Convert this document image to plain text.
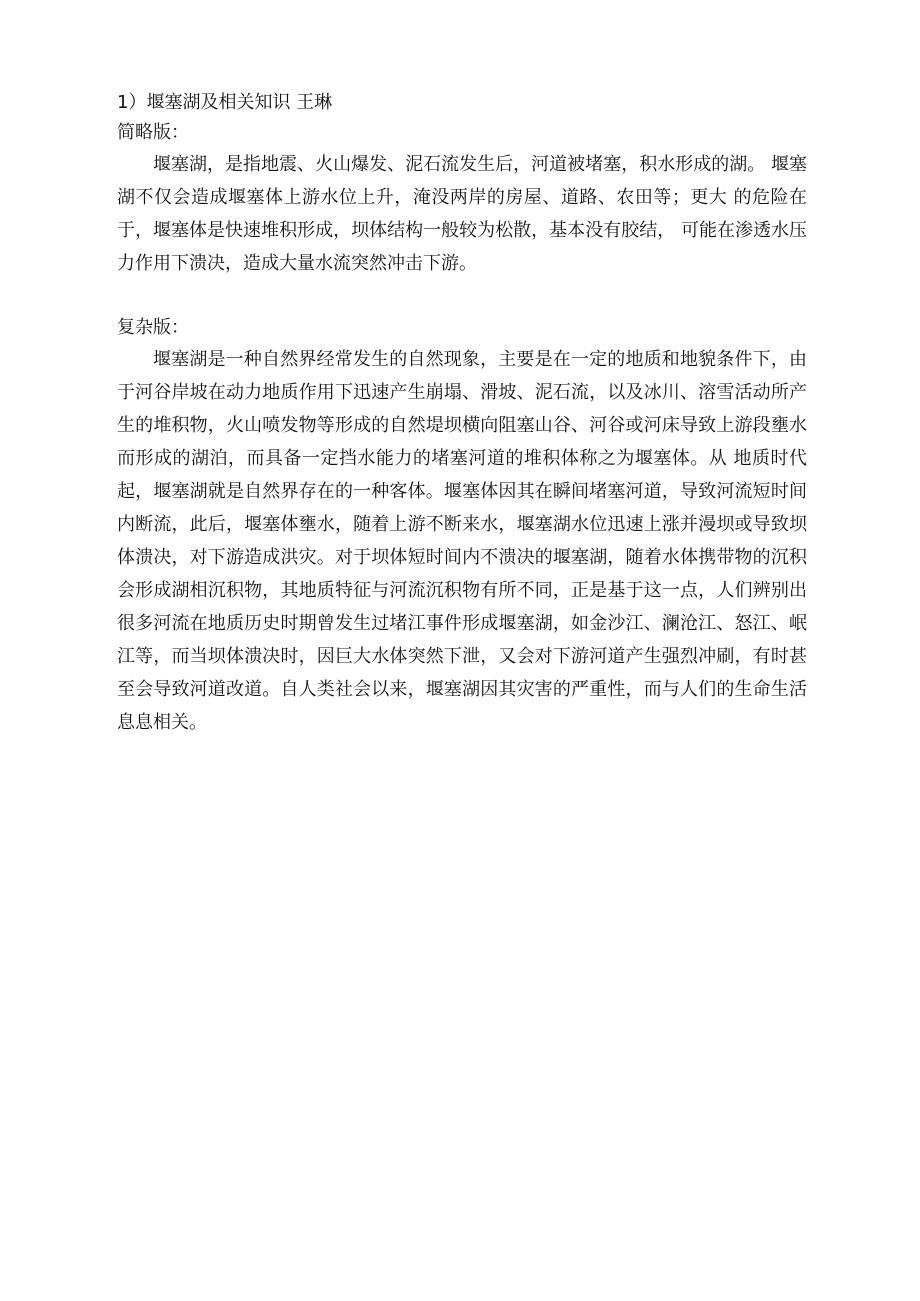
1）堰塞湖及相关知识 王琳

简略版：

堰塞湖，是指地震、火山爆发、泥石流发生后，河道被堵塞，积水形成的湖。 堰塞湖不仅会造成堰塞体上游水位上升，淹没两岸的房屋、道路、农田等；更大 的危险在于，堰塞体是快速堆积形成，坝体结构一般较为松散，基本没有胶结， 可能在渗透水压力作用下溃决，造成大量水流突然冲击下游。

复杂版：

堰塞湖是一种自然界经常发生的自然现象，主要是在一定的地质和地貌条件下，由于河谷岸坡在动力地质作用下迅速产生崩塌、滑坡、泥石流，以及冰川、溶雪活动所产生的堆积物，火山喷发物等形成的自然堤坝横向阻塞山谷、河谷或河床导致上游段壅水而形成的湖泊，而具备一定挡水能力的堵塞河道的堆积体称之为堰塞体。从 地质时代起，堰塞湖就是自然界存在的一种客体。堰塞体因其在瞬间堵塞河道，导致河流短时间内断流，此后，堰塞体壅水，随着上游不断来水，堰塞湖水位迅速上涨并漫坝或导致坝体溃决，对下游造成洪灾。对于坝体短时间内不溃决的堰塞湖，随着水体携带物的沉积会形成湖相沉积物，其地质特征与河流沉积物有所不同，正是基于这一点，人们辨别出很多河流在地质历史时期曾发生过堵江事件形成堰塞湖，如金沙江、澜沧江、怒江、岷江等，而当坝体溃决时，因巨大水体突然下泄，又会对下游河道产生强烈冲刷，有时甚至会导致河道改道。自人类社会以来，堰塞湖因其灾害的严重性，而与人们的生命生活息息相关。
